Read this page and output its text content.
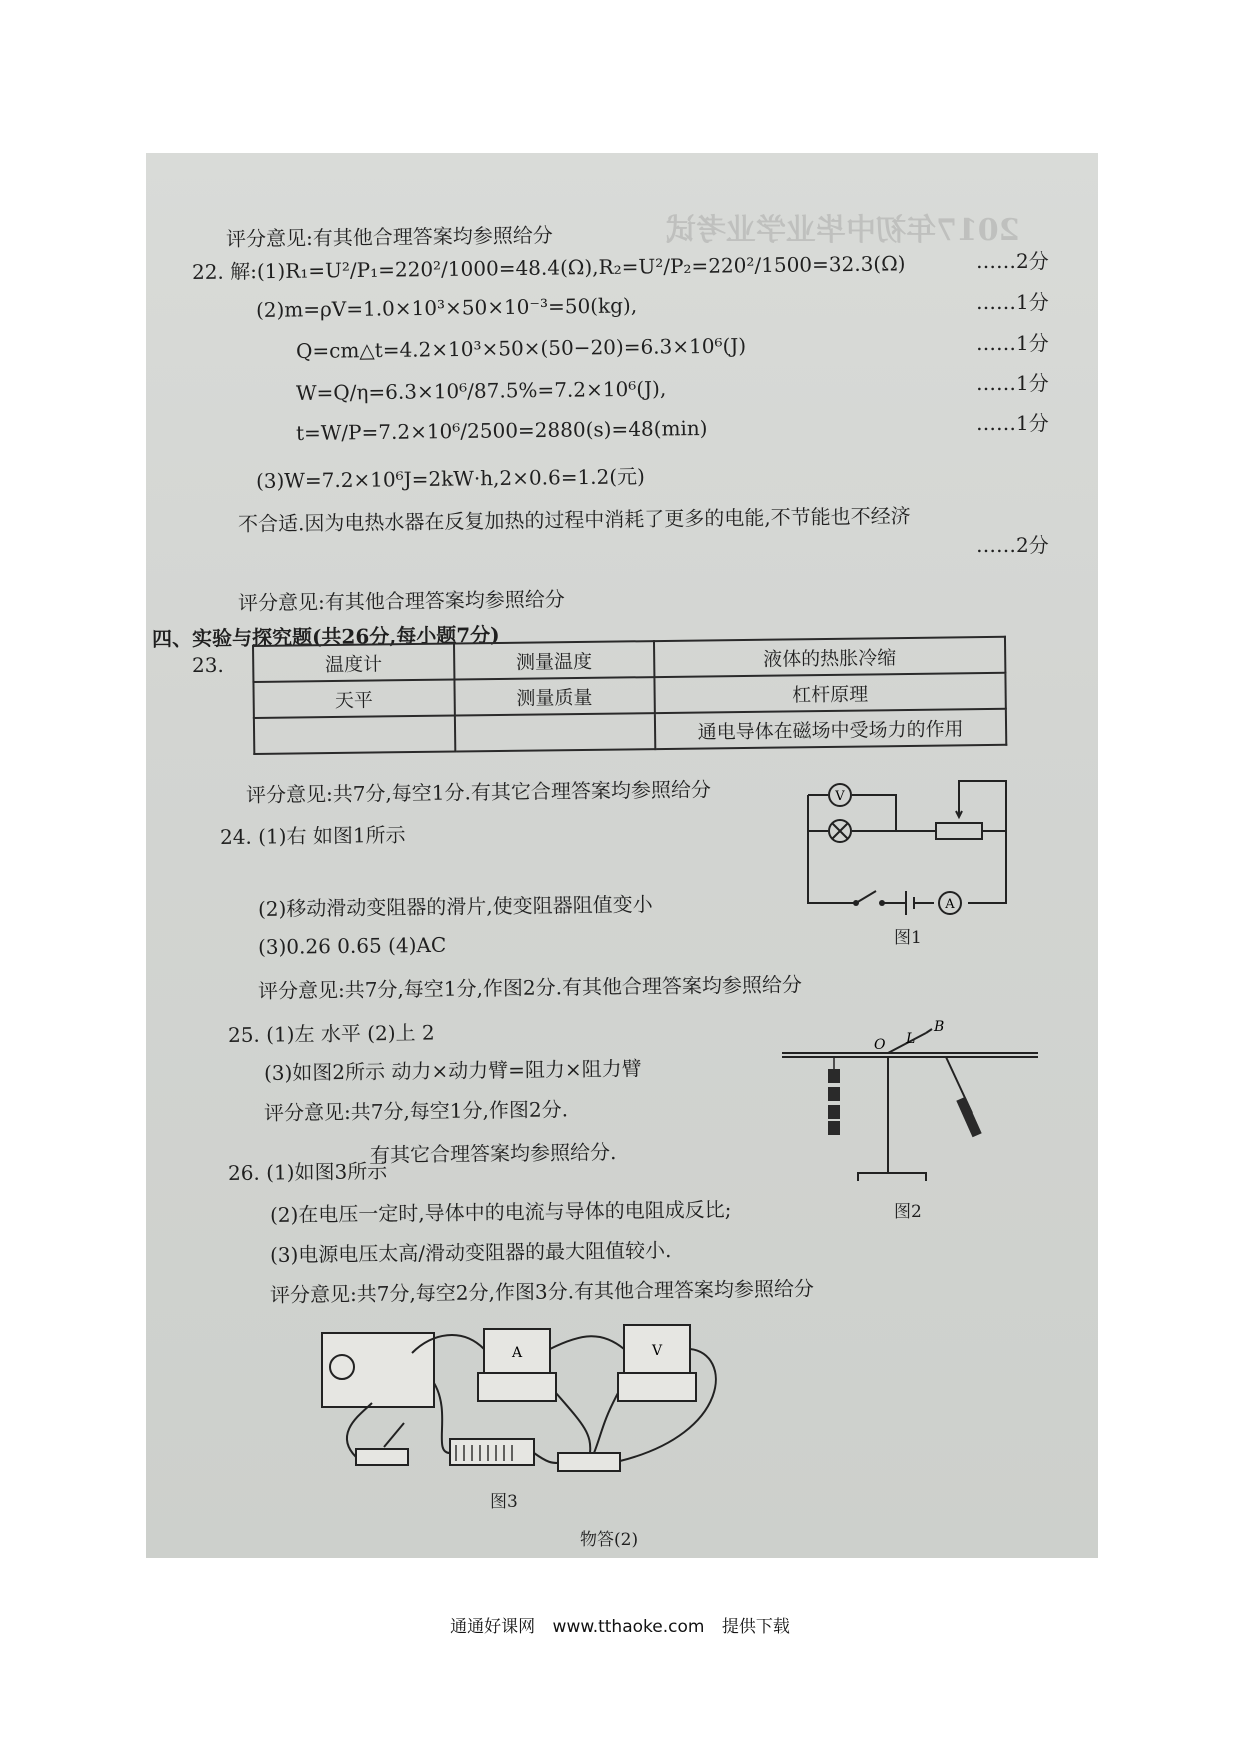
2017年初中毕业学业考试
评分意见:有其他合理答案均参照给分
22. 解:(1)R₁=U²/P₁=220²/1000=48.4(Ω),R₂=U²/P₂=220²/1500=32.3(Ω)	……2分
(2)m=ρV=1.0×10³×50×10⁻³=50(kg),	……1分
Q=cm△t=4.2×10³×50×(50−20)=6.3×10⁶(J)	……1分
W=Q/η=6.3×10⁶/87.5%=7.2×10⁶(J),	……1分
t=W/P=7.2×10⁶/2500=2880(s)=48(min)	……1分
(3)W=7.2×10⁶J=2kW·h,2×0.6=1.2(元)
不合适.因为电热水器在反复加热的过程中消耗了更多的电能,不节能也不经济
……2分
评分意见:有其他合理答案均参照给分
四、实验与探究题(共26分,每小题7分)
23.	温度计	测量温度	液体的热胀冷缩
天平	测量质量	杠杆原理
		通电导体在磁场中受场力的作用
评分意见:共7分,每空1分.有其它合理答案均参照给分
24. (1)右 如图1所示
(2)移动滑动变阻器的滑片,使变阻器阻值变小
(3)0.26 0.65 (4)AC
评分意见:共7分,每空1分,作图2分.有其他合理答案均参照给分
V
A
图1
25. (1)左 水平 (2)上 2
(3)如图2所示 动力×动力臂=阻力×阻力臂
评分意见:共7分,每空1分,作图2分.
有其它合理答案均参照给分.
O L
B
图2
26. (1)如图3所示
(2)在电压一定时,导体中的电流与导体的电阻成反比;
(3)电源电压太高/滑动变阻器的最大阻值较小.
评分意见:共7分,每空2分,作图3分.有其他合理答案均参照给分
A	V
图3
物答(2)
通通好课网 www.tthaoke.com 提供下载
